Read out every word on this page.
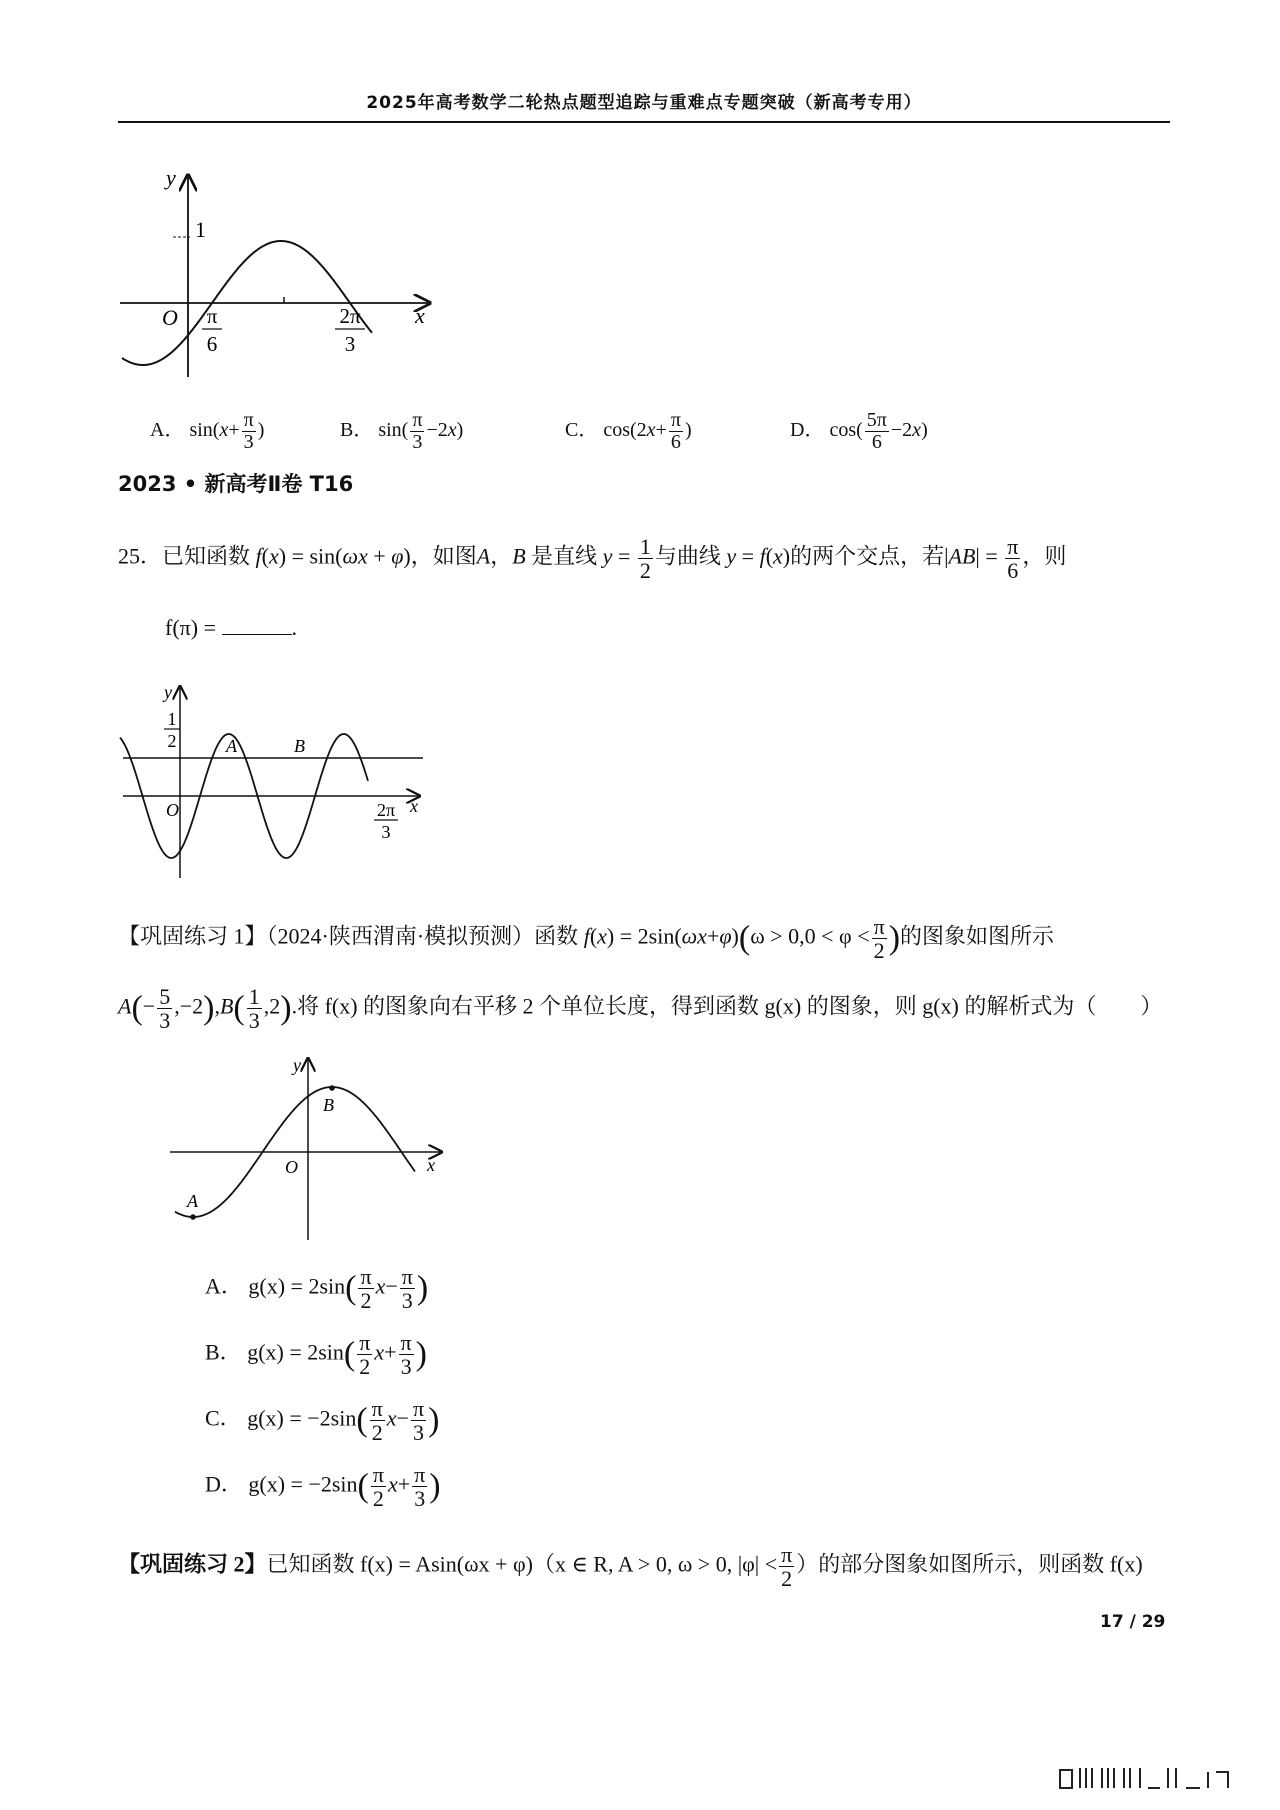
2025年高考数学二轮热点题型追踪与重难点专题突破（新高考专用）
y
x
O
1
π
6
2π
3
A． $\sin(x+ \frac{\pi}{3}$ )	B． $\sin( \frac{\pi}{3} -2x)$	C． $\cos(2x+ \frac{\pi}{6}$ )	D． $\cos( \frac{5\pi}{6} -2x)$
2023 • 新高考Ⅱ卷 T16
25．已知函数 f(x) = sin(ωx + φ)，如图A，B 是直线 $y = \frac{1}{2}$ 与曲线 y = f(x)的两个交点，若$|AB| = \frac{\pi}{6}$ ，则
f(π) =	.
y
x
O
1
2	A	B
2π
3
【巩固练习 1】（2024·陕西渭南·模拟预测）函数 $f(x) = 2\sin(\omega x+\varphi)(\omega > 0,0 < \varphi < \frac{\pi}{2}$ )的图象如图所示
$A(- \frac{5}{3} ,-2),B( \frac{1}{3} ,2)$.将 f(x) 的图象向右平移 2 个单位长度，得到函数 g(x) 的图象，则 g(x) 的解析式为（　　）
y
x
O
A
B
A． $g(x) = 2\sin( \frac{\pi}{2} x- \frac{\pi}{3}$ )
B． $g(x) = 2\sin( \frac{\pi}{2} x+ \frac{\pi}{3}$ )
C． $g(x) = -2\sin( \frac{\pi}{2} x- \frac{\pi}{3}$ )
D． $g(x) = -2\sin( \frac{\pi}{2} x+ \frac{\pi}{3}$ )
【巩固练习 2】已知函数 f(x) = Asin(ωx + φ)（x ∈ R, A > 0, ω > 0, $|\varphi| < \frac{\pi}{2}$ ）的部分图象如图所示，则函数 f(x)
17 / 29
